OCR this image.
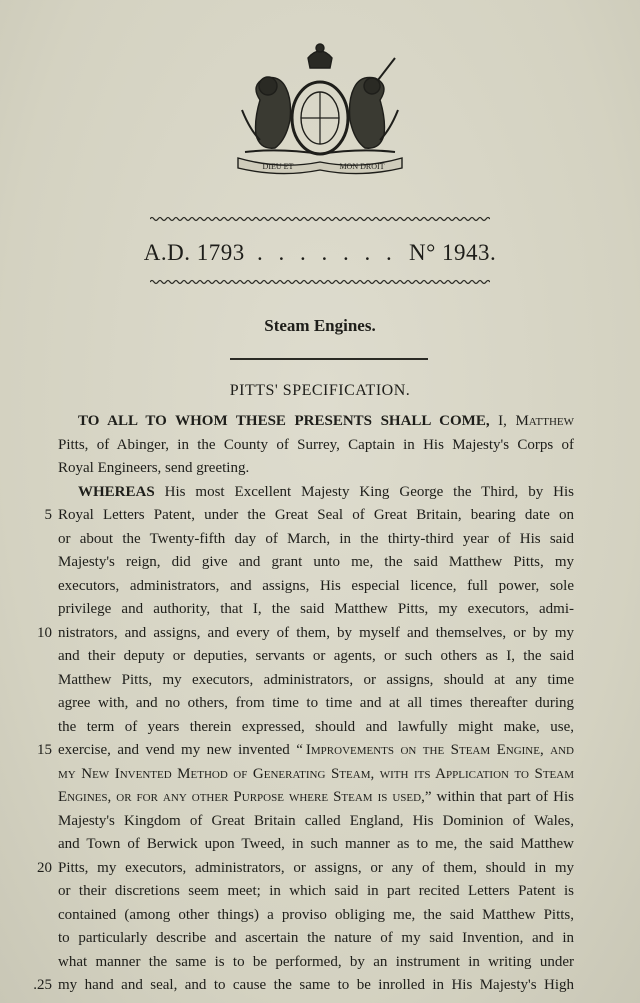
DIEU ET	MON DROIT
A.D. 1793 . . . . . . . N° 1943.
Steam Engines.
PITTS' SPECIFICATION.
TO ALL TO WHOM THESE PRESENTS SHALL COME, I, Matthew
Pitts, of Abinger, in the County of Surrey, Captain in His Majesty's Corps of
Royal Engineers, send greeting.
WHEREAS His most Excellent Majesty King George the Third, by His
Royal Letters Patent, under the Great Seal of Great Britain, bearing date on
or about the Twenty-fifth day of March, in the thirty-third year of His said
Majesty's reign, did give and grant unto me, the said Matthew Pitts, my
executors, administrators, and assigns, His especial licence, full power, sole
privilege and authority, that I, the said Matthew Pitts, my executors, admi-
nistrators, and assigns, and every of them, by myself and themselves, or by my
and their deputy or deputies, servants or agents, or such others as I, the said
Matthew Pitts, my executors, administrators, or assigns, should at any time
agree with, and no others, from time to time and at all times thereafter during
the term of years therein expressed, should and lawfully might make, use,
exercise, and vend my new invented “ Improvements on the Steam Engine, and
my New Invented Method of Generating Steam, with its Application to Steam
Engines, or for any other Purpose where Steam is used,” within that part of His
Majesty's Kingdom of Great Britain called England, His Dominion of Wales,
and Town of Berwick upon Tweed, in such manner as to me, the said Matthew
Pitts, my executors, administrators, or assigns, or any of them, should in my
or their discretions seem meet; in which said in part recited Letters Patent is
contained (among other things) a proviso obliging me, the said Matthew Pitts,
to particularly describe and ascertain the nature of my said Invention, and in
what manner the same is to be performed, by an instrument in writing under
my hand and seal, and to cause the same to be inrolled in His Majesty's High
5
10
15
20
.25
